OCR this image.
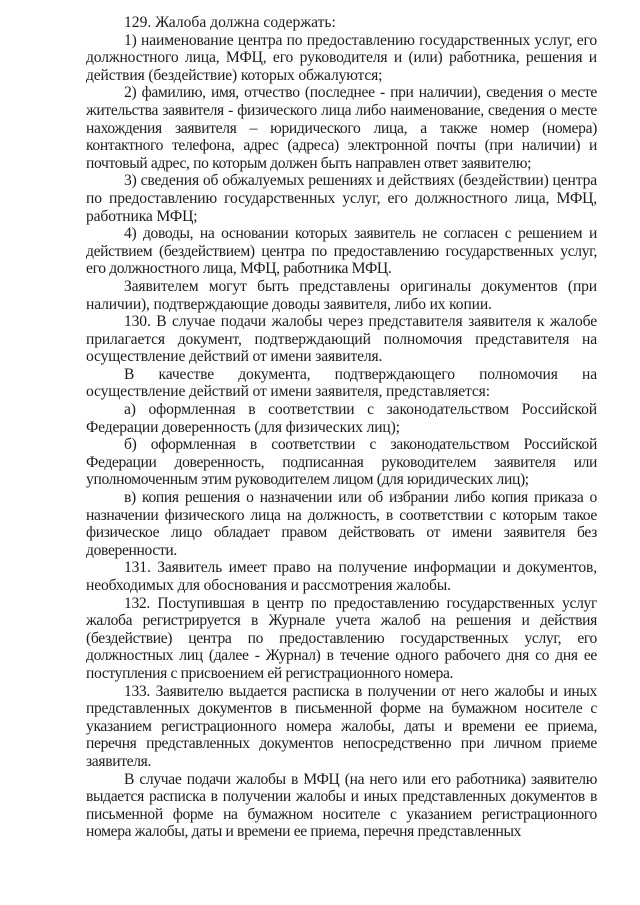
129. Жалоба должна содержать:

1) наименование центра по предоставлению государственных услуг, его должностного лица, МФЦ, его руководителя и (или) работника, решения и действия (бездействие) которых обжалуются;

2) фамилию, имя, отчество (последнее - при наличии), сведения о месте жительства заявителя - физического лица либо наименование, сведения о месте нахождения заявителя – юридического лица, а также номер (номера) контактного телефона, адрес (адреса) электронной почты (при наличии) и почтовый адрес, по которым должен быть направлен ответ заявителю;

3) сведения об обжалуемых решениях и действиях (бездействии) центра по предоставлению государственных услуг, его должностного лица, МФЦ, работника МФЦ;

4) доводы, на основании которых заявитель не согласен с решением и действием (бездействием) центра по предоставлению государственных услуг, его должностного лица, МФЦ, работника МФЦ.

Заявителем могут быть представлены оригиналы документов (при наличии), подтверждающие доводы заявителя, либо их копии.

130. В случае подачи жалобы через представителя заявителя к жалобе прилагается документ, подтверждающий полномочия представителя на осуществление действий от имени заявителя.

В качестве документа, подтверждающего полномочия на осуществление действий от имени заявителя, представляется:

а) оформленная в соответствии с законодательством Российской Федерации доверенность (для физических лиц);

б) оформленная в соответствии с законодательством Российской Федерации доверенность, подписанная руководителем заявителя или уполномоченным этим руководителем лицом (для юридических лиц);

в) копия решения о назначении или об избрании либо копия приказа о назначении физического лица на должность, в соответствии с которым такое физическое лицо обладает правом действовать от имени заявителя без доверенности.

131. Заявитель имеет право на получение информации и документов, необходимых для обоснования и рассмотрения жалобы.

132. Поступившая в центр по предоставлению государственных услуг жалоба регистрируется в Журнале учета жалоб на решения и действия (бездействие) центра по предоставлению государственных услуг, его должностных лиц (далее - Журнал) в течение одного рабочего дня со дня ее поступления с присвоением ей регистрационного номера.

133. Заявителю выдается расписка в получении от него жалобы и иных представленных документов в письменной форме на бумажном носителе с указанием регистрационного номера жалобы, даты и времени ее приема, перечня представленных документов непосредственно при личном приеме заявителя.

В случае подачи жалобы в МФЦ (на него или его работника) заявителю выдается расписка в получении жалобы и иных представленных документов в письменной форме на бумажном носителе с указанием регистрационного номера жалобы, даты и времени ее приема, перечня представленных
